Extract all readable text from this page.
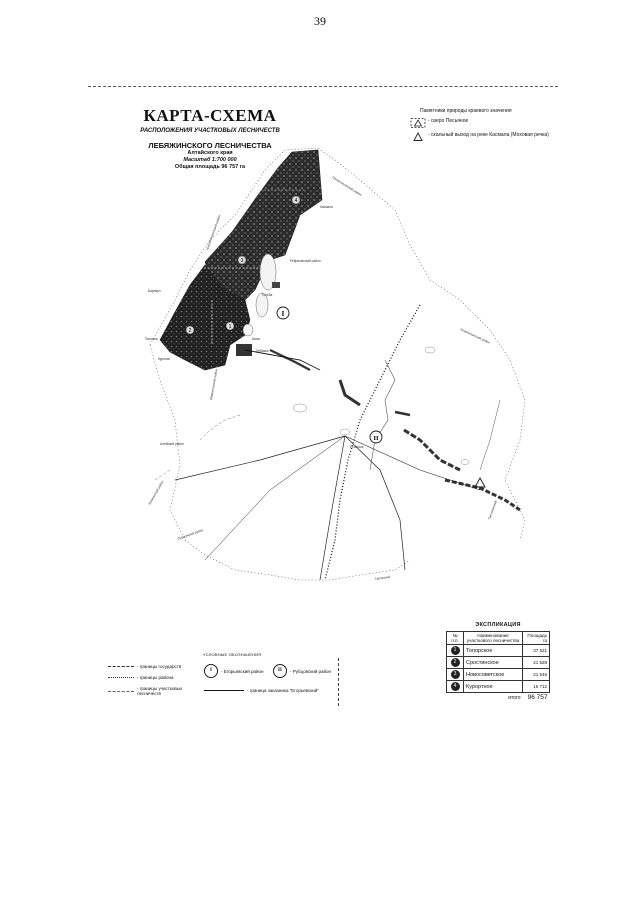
39
КАРТА-СХЕМА
РАСПОЛОЖЕНИЯ УЧАСТКОВЫХ ЛЕСНИЧЕСТВ
ЛЕБЯЖИНСКОГО ЛЕСНИЧЕСТВА
Алтайского края
Масштаб 1:700 000
Общая площадь 96 757 га
Памятники природы краевого значения
- озеро Песьяное
- скальный выход на реке Касмала (Моховая речка)
4
3
2
1
I
II
Поспелихинский район
Шелаболихинский район
Ребрихинский район
Новичихинский район
Мамонтовский район
Алейский район
Калманский район
Рубцовский район
Таловский
Топчихинский
Гоньба
Лебяжье
Барнаул
Касмала
Пановка	Шахи
Куралье
Ерошиха
УСЛОВНЫЕ ОБОЗНАЧЕНИЯ
- границы государств
- границы района
- границы участковых лесничеств
I	- Егорьевский район	II	- Рубцовский район
- граница заказника "Егорьевский"
ЭКСПЛИКАЦИЯ
№ п.п.	Наименование участкового лесничества	Площадь га
1	Топорское	37 521
2	Сростинское	21 528
3	Новосоветское	21 546
4	Курортное	16 712
	итого	96 757
